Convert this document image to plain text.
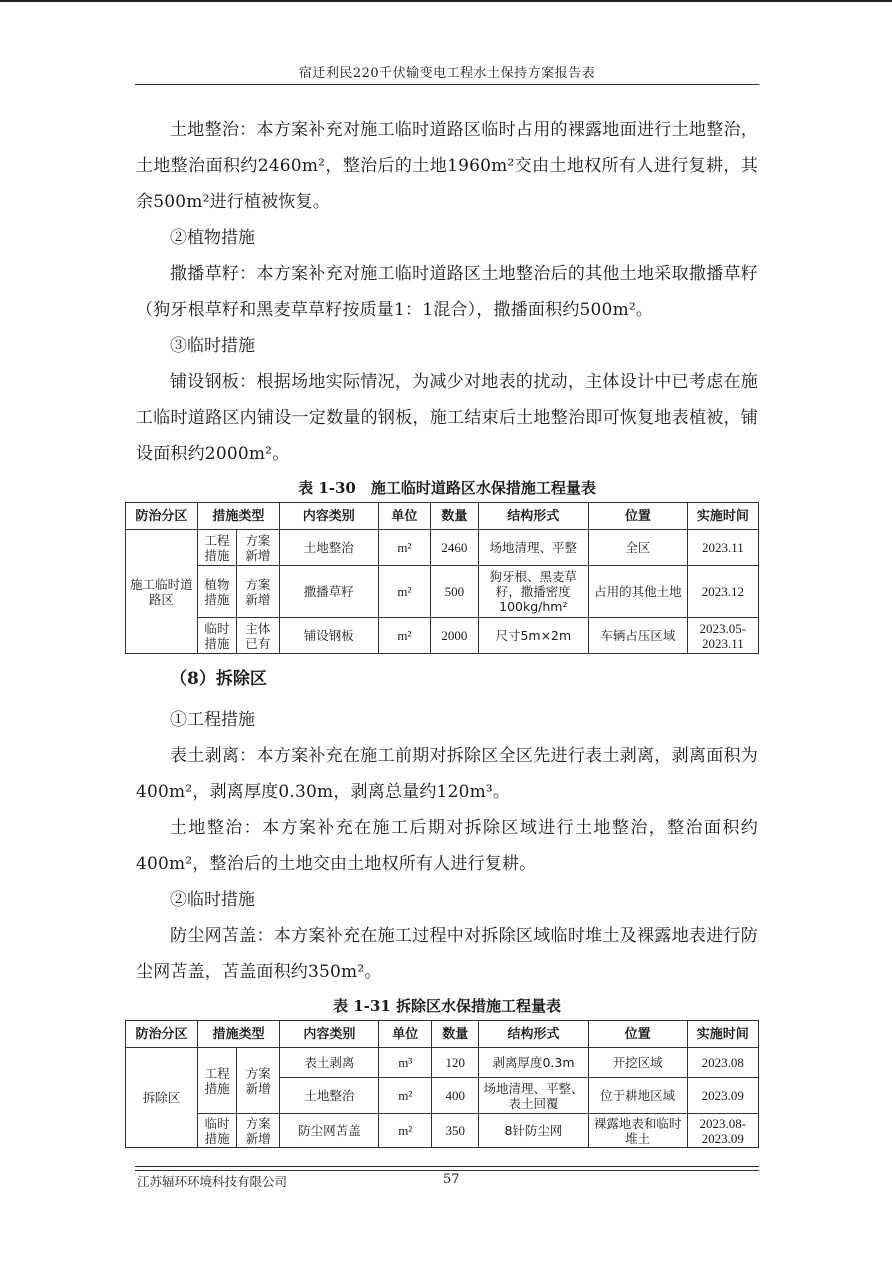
宿迁利民220千伏输变电工程水土保持方案报告表

土地整治：本方案补充对施工临时道路区临时占用的裸露地面进行土地整治，土地整治面积约2460m²，整治后的土地1960m²交由土地权所有人进行复耕，其余500m²进行植被恢复。

②植物措施

撒播草籽：本方案补充对施工临时道路区土地整治后的其他土地采取撒播草籽（狗牙根草籽和黑麦草草籽按质量1：1混合），撒播面积约500m²。

③临时措施

铺设钢板：根据场地实际情况，为减少对地表的扰动，主体设计中已考虑在施工临时道路区内铺设一定数量的钢板，施工结束后土地整治即可恢复地表植被，铺设面积约2000m²。

表 1-30　施工临时道路区水保措施工程量表
防治分区	措施类型		内容类别	单位	数量	结构形式	位置	实施时间
施工临时道路区	工程措施	方案新增	土地整治	m²	2460	场地清理、平整	全区	2023.11
	植物措施	方案新增	撒播草籽	m²	500	狗牙根、黑麦草籽，撒播密度100kg/hm²	占用的其他土地	2023.12
	临时措施	主体已有	铺设钢板	m²	2000	尺寸5m×2m	车辆占压区域	2023.05-2023.11

（8）拆除区

①工程措施

表土剥离：本方案补充在施工前期对拆除区全区先进行表土剥离，剥离面积为400m²，剥离厚度0.30m，剥离总量约120m³。

土地整治：本方案补充在施工后期对拆除区域进行土地整治，整治面积约400m²，整治后的土地交由土地权所有人进行复耕。

②临时措施

防尘网苫盖：本方案补充在施工过程中对拆除区域临时堆土及裸露地表进行防尘网苫盖，苫盖面积约350m²。

表 1-31 拆除区水保措施工程量表
防治分区	措施类型		内容类别	单位	数量	结构形式	位置	实施时间
拆除区	工程措施	方案新增	表土剥离	m³	120	剥离厚度0.3m	开挖区域	2023.08
			土地整治	m²	400	场地清理、平整、表土回覆	位于耕地区域	2023.09
	临时措施	方案新增	防尘网苫盖	m²	350	8针防尘网	裸露地表和临时堆土	2023.08-2023.09
江苏辐环环境科技有限公司	57
